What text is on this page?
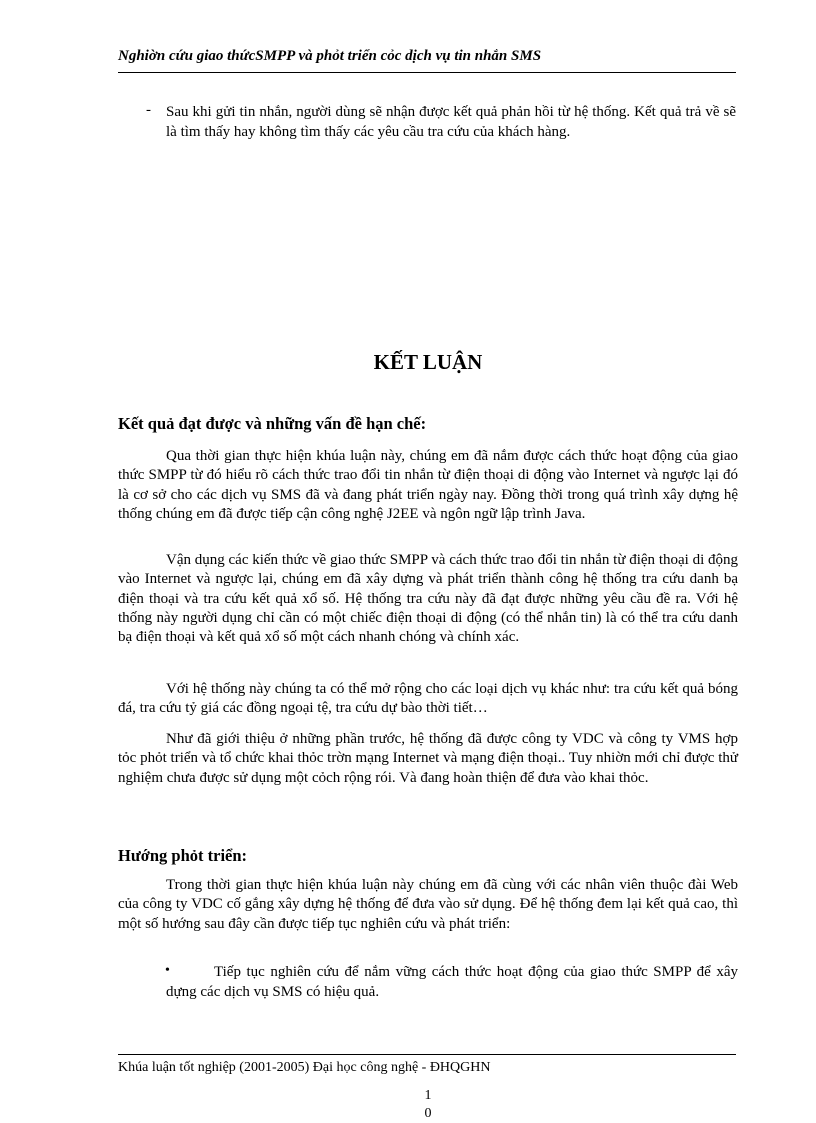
Nghiờn cứu giao thứcSMPP và phỏt triển cỏc dịch vụ tin nhắn SMS
- Sau khi gửi tin nhắn, người dùng sẽ nhận được kết quả phản hồi từ hệ thống. Kết quả trả về sẽ là tìm thấy hay không tìm thấy các yêu cầu tra cứu của khách hàng.
KẾT LUẬN
Kết quả đạt được và những vấn đề hạn chế:

Qua thời gian thực hiện khúa luận này, chúng em đã nắm được cách thức hoạt động của giao thức SMPP từ đó hiểu rõ cách thức trao đổi tin nhắn từ điện thoại di động vào Internet và ngược lại đó là cơ sở cho các dịch vụ SMS đã và đang phát triển ngày nay. Đồng thời trong quá trình xây dựng hệ thống chúng em đã được tiếp cận công nghệ J2EE và ngôn ngữ lập trình Java.

Vận dụng các kiến thức về giao thức SMPP và cách thức trao đổi tin nhắn từ điện thoại di động vào Internet và ngược lại, chúng em đã xây dựng và phát triển thành công hệ thống tra cứu danh bạ điện thoại và tra cứu kết quả xổ số. Hệ thống tra cứu này đã đạt được những yêu cầu đề ra. Với hệ thống này người dụng chỉ cần có một chiếc điện thoại di động (có thể nhắn tin) là có thể tra cứu danh bạ điện thoại và kết quả xổ số một cách nhanh chóng và chính xác.

Với hệ thống này chúng ta có thể mở rộng cho các loại dịch vụ khác như: tra cứu kết quả bóng đá, tra cứu tỷ giá các đồng ngoại tệ, tra cứu dự bào thời tiết…

Như đã giới thiệu ở những phần trước, hệ thống đã được công ty VDC và công ty VMS hợp tỏc phỏt triển và tổ chức khai thỏc trờn mạng Internet và mạng điện thoại.. Tuy nhiờn mới chỉ được thử nghiệm chưa được sử dụng một cỏch rộng rói. Và đang hoàn thiện để đưa vào khai thỏc.

Hướng phỏt triển:

Trong thời gian thực hiện khúa luận này chúng em đã cùng với các nhân viên thuộc đài Web của công ty VDC cố gắng xây dựng hệ thống để đưa vào sử dụng. Để hệ thống đem lại kết quả cao, thì một số hướng sau đây cần được tiếp tục nghiên cứu và phát triển:

•	Tiếp tục nghiên cứu để nắm vững cách thức hoạt động của giao thức SMPP để xây dựng các dịch vụ SMS có hiệu quả.

Khúa luận tốt nghiệp (2001-2005) Đại học công nghệ - ĐHQGHN
1
0
